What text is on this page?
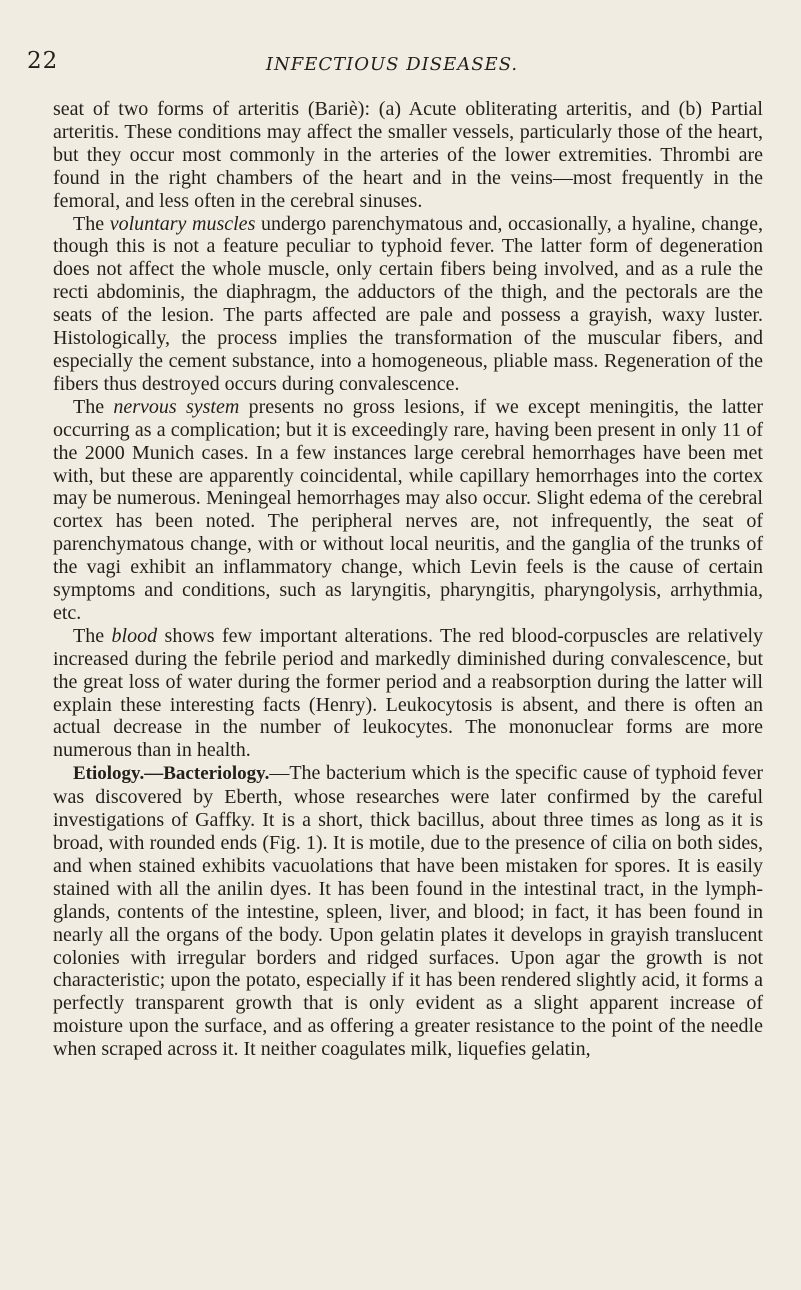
22	INFECTIOUS DISEASES.

seat of two forms of arteritis (Bariè): (a) Acute obliterating arteritis, and (b) Partial arteritis. These conditions may affect the smaller vessels, particularly those of the heart, but they occur most commonly in the arteries of the lower extremities. Thrombi are found in the right chambers of the heart and in the veins—most frequently in the femoral, and less often in the cerebral sinuses.

The voluntary muscles undergo parenchymatous and, occasionally, a hyaline, change, though this is not a feature peculiar to typhoid fever. The latter form of degeneration does not affect the whole muscle, only certain fibers being involved, and as a rule the recti abdominis, the diaphragm, the adductors of the thigh, and the pectorals are the seats of the lesion. The parts affected are pale and possess a grayish, waxy luster. Histologically, the process implies the transformation of the muscular fibers, and especially the cement substance, into a homogeneous, pliable mass. Regeneration of the fibers thus destroyed occurs during convalescence.

The nervous system presents no gross lesions, if we except meningitis, the latter occurring as a complication; but it is exceedingly rare, having been present in only 11 of the 2000 Munich cases. In a few instances large cerebral hemorrhages have been met with, but these are apparently coincidental, while capillary hemorrhages into the cortex may be numerous. Meningeal hemorrhages may also occur. Slight edema of the cerebral cortex has been noted. The peripheral nerves are, not infrequently, the seat of parenchymatous change, with or without local neuritis, and the ganglia of the trunks of the vagi exhibit an inflammatory change, which Levin feels is the cause of certain symptoms and conditions, such as laryngitis, pharyngitis, pharyngolysis, arrhythmia, etc.

The blood shows few important alterations. The red blood-corpuscles are relatively increased during the febrile period and markedly diminished during convalescence, but the great loss of water during the former period and a reabsorption during the latter will explain these interesting facts (Henry). Leukocytosis is absent, and there is often an actual decrease in the number of leukocytes. The mononuclear forms are more numerous than in health.

Etiology.—Bacteriology.—The bacterium which is the specific cause of typhoid fever was discovered by Eberth, whose researches were later confirmed by the careful investigations of Gaffky. It is a short, thick bacillus, about three times as long as it is broad, with rounded ends (Fig. 1). It is motile, due to the presence of cilia on both sides, and when stained exhibits vacuolations that have been mistaken for spores. It is easily stained with all the anilin dyes. It has been found in the intestinal tract, in the lymph-glands, contents of the intestine, spleen, liver, and blood; in fact, it has been found in nearly all the organs of the body. Upon gelatin plates it develops in grayish translucent colonies with irregular borders and ridged surfaces. Upon agar the growth is not characteristic; upon the potato, especially if it has been rendered slightly acid, it forms a perfectly transparent growth that is only evident as a slight apparent increase of moisture upon the surface, and as offering a greater resistance to the point of the needle when scraped across it. It neither coagulates milk, liquefies gelatin,
